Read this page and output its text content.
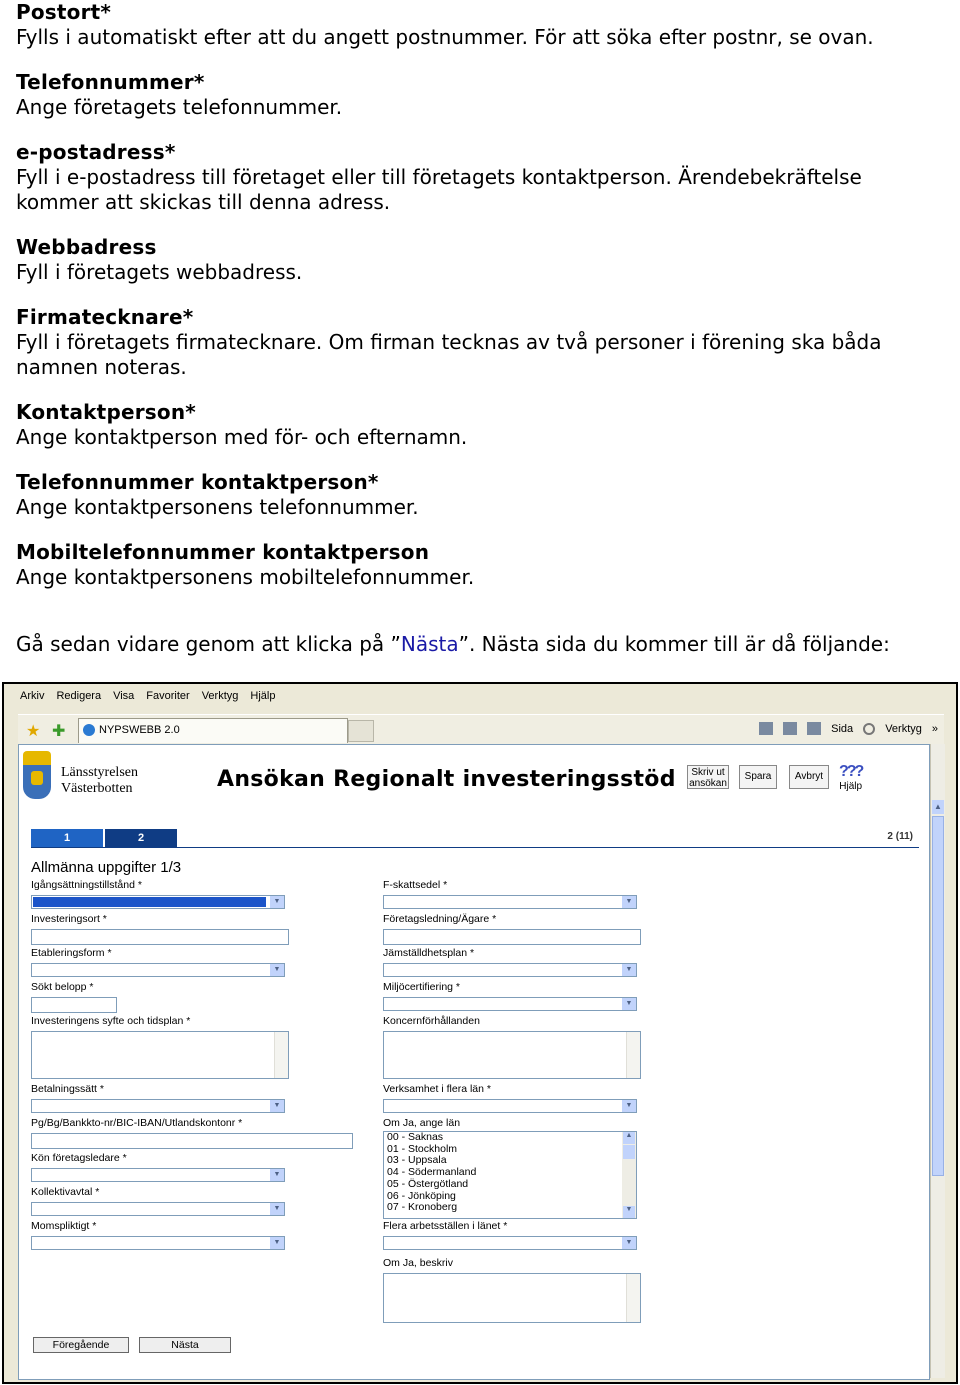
Postort*
Fylls i automatiskt efter att du angett postnummer. För att söka efter postnr, se ovan.
Telefonnummer*
Ange företagets telefonnummer.
e-postadress*
Fyll i e-postadress till företaget eller till företagets kontaktperson. Ärendebekräftelse kommer att skickas till denna adress.
Webbadress
Fyll i företagets webbadress.
Firmatecknare*
Fyll i företagets firmatecknare. Om firman tecknas av två personer i förening ska båda namnen noteras.
Kontaktperson*
Ange kontaktperson med för- och efternamn.
Telefonnummer kontaktperson*
Ange kontaktpersonens telefonnummer.
Mobiltelefonnummer kontaktperson
Ange kontaktpersonens mobiltelefonnummer.
Gå sedan vidare genom att klicka på ”Nästa”. Nästa sida du kommer till är då följande:
Arkiv Redigera Visa Favoriter Verktyg Hjälp
★ ✚	NYPSWEBB 2.0	Sida	Verktyg »
Länsstyrelsen
Västerbotten	Ansökan Regionalt investeringsstöd	Skriv ut
ansökan
Spara	Avbryt ???
Hjälp
1	2	2 (11)
Allmänna uppgifter 1/3
Igångsättningstillstånd *
▼
Investeringsort *
Etableringsform *
▼
Sökt belopp *
Investeringens syfte och tidsplan *
Betalningssätt *
▼
Pg/Bg/Bankkto-nr/BIC-IBAN/Utlandskontonr *
Kön företagsledare *
▼
Kollektivavtal *
▼
Momspliktigt *
▼
F-skattsedel *
▼
Företagsledning/Ägare *
Jämställdhetsplan *
▼
Miljöcertifiering *
▼
Koncernförhållanden
Verksamhet i flera län *
▼
Om Ja, ange län
00 - Saknas
01 - Stockholm
03 - Uppsala
04 - Södermanland
05 - Östergötland
06 - Jönköping
07 - Kronoberg
▲
▼
Flera arbetsställen i länet *
▼
Om Ja, beskriv
Föregående	Nästa
▲
